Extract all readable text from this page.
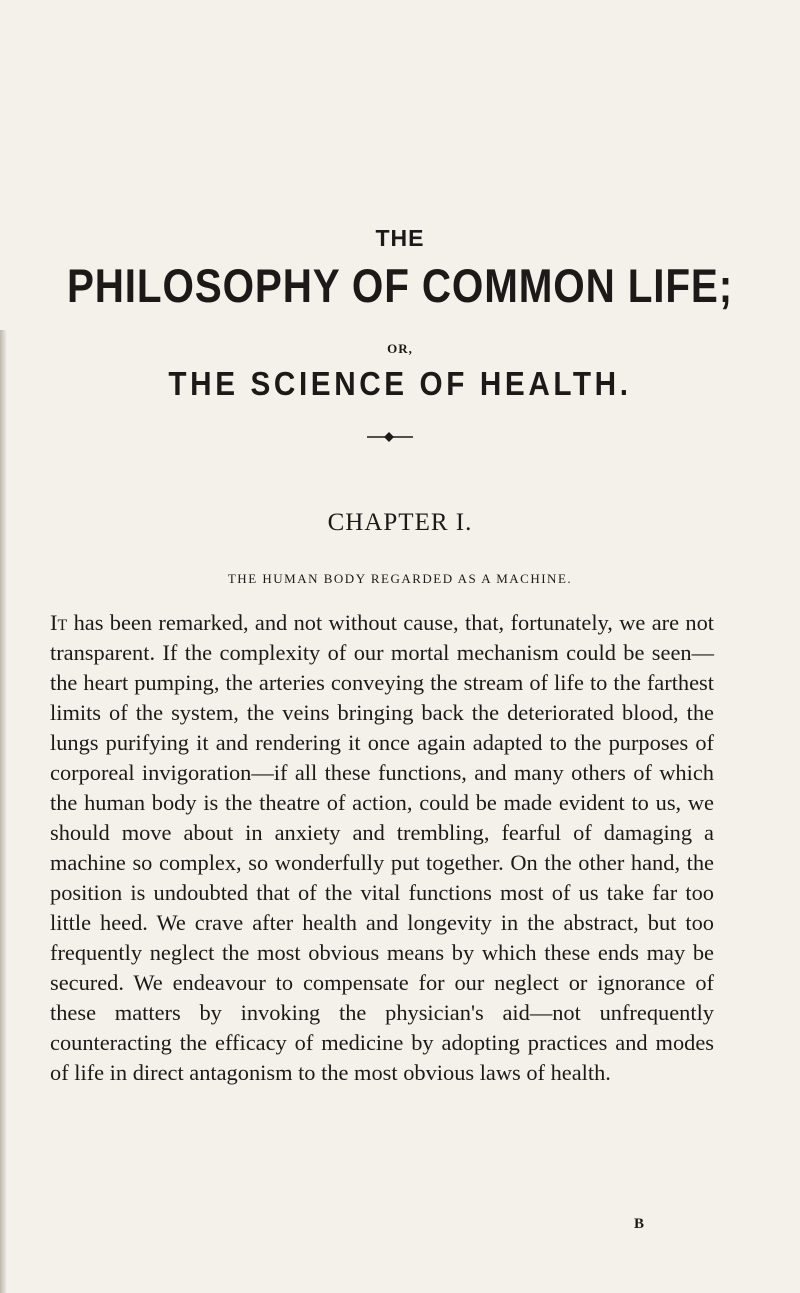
THE
PHILOSOPHY OF COMMON LIFE;
OR,
THE SCIENCE OF HEALTH.
CHAPTER I.
THE HUMAN BODY REGARDED AS A MACHINE.
It has been remarked, and not without cause, that, fortunately, we are not transparent. If the complexity of our mortal mechanism could be seen—the heart pumping, the arteries conveying the stream of life to the farthest limits of the system, the veins bringing back the deteriorated blood, the lungs purifying it and rendering it once again adapted to the purposes of corporeal invigoration—if all these functions, and many others of which the human body is the theatre of action, could be made evident to us, we should move about in anxiety and trembling, fearful of damaging a machine so complex, so wonderfully put together. On the other hand, the position is undoubted that of the vital functions most of us take far too little heed. We crave after health and longevity in the abstract, but too frequently neglect the most obvious means by which these ends may be secured. We endeavour to compensate for our neglect or ignorance of these matters by invoking the physician's aid—not unfrequently counteracting the efficacy of medicine by adopting practices and modes of life in direct antagonism to the most obvious laws of health.
B
